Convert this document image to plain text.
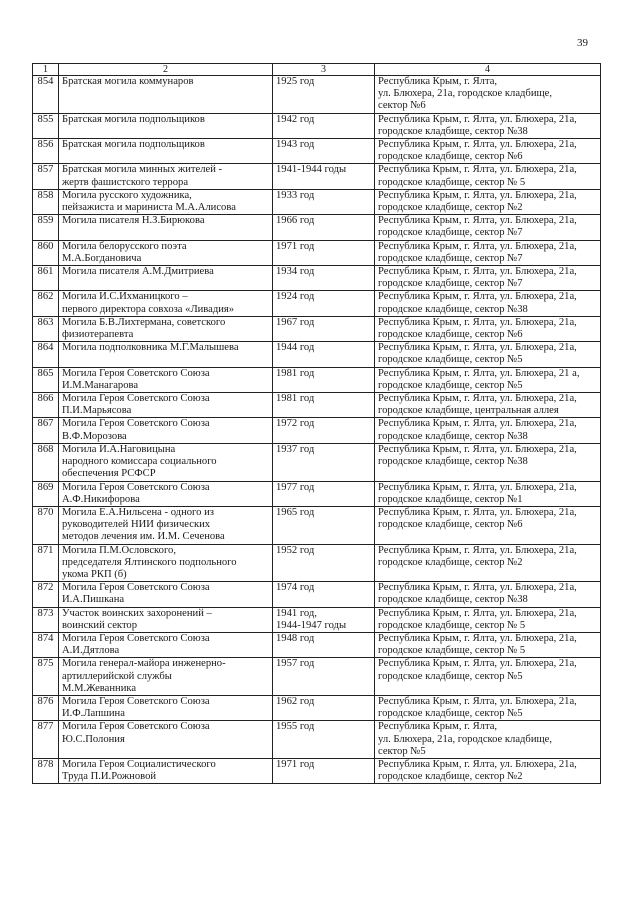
39
1	2	3	4
854	Братская могила коммунаров	1925 год	Республика Крым, г. Ялта,
ул. Блюхера, 21а, городское кладбище,
сектор №6
855	Братская могила подпольщиков	1942 год	Республика Крым, г. Ялта, ул. Блюхера, 21а,
городское кладбище, сектор №38
856	Братская могила подпольщиков	1943 год	Республика Крым, г. Ялта, ул. Блюхера, 21а,
городское кладбище, сектор №6
857	Братская могила минных жителей -
жертв фашистского террора	1941-1944 годы	Республика Крым, г. Ялта, ул. Блюхера, 21а,
городское кладбище, сектор № 5
858	Могила русского художника,
пейзажиста и маринистa М.А.Алисова	1933 год	Республика Крым, г. Ялта, ул. Блюхера, 21а,
городское кладбище, сектор №2
859	Могила писателя Н.З.Бирюкова	1966 год	Республика Крым, г. Ялта, ул. Блюхера, 21а,
городское кладбище, сектор №7
860	Могила белорусского поэта
М.А.Богдановича	1971 год	Республика Крым, г. Ялта, ул. Блюхера, 21а,
городское кладбище, сектор №7
861	Могила писателя А.М.Дмитриева	1934 год	Республика Крым, г. Ялта, ул. Блюхера, 21а,
городское кладбище, сектор №7
862	Могила И.С.Ихманицкого –
первого директора совхоза «Ливадия»	1924 год	Республика Крым, г. Ялта, ул. Блюхера, 21а,
городское кладбище, сектор №38
863	Могила Б.В.Лихтермана, советского
физиотерапевта	1967 год	Республика Крым, г. Ялта, ул. Блюхера, 21а,
городское кладбище, сектор №6
864	Могила подполковника М.Г.Малышева	1944 год	Республика Крым, г. Ялта, ул. Блюхера, 21а,
городское кладбище, сектор №5
865	Могила Героя Советского Союза
И.М.Манагарова	1981 год	Республика Крым, г. Ялта, ул. Блюхера, 21 а,
городское кладбище, сектор №5
866	Могила Героя Советского Союза
П.И.Марьясова	1981 год	Республика Крым, г. Ялта, ул. Блюхера, 21а,
городское кладбище, центральная аллея
867	Могила Героя Советского Союза
В.Ф.Морозова	1972 год	Республика Крым, г. Ялта, ул. Блюхера, 21а,
городское кладбище, сектор №38
868	Могила И.А.Наговицына
народного комиссара социального
обеспечения РСФСР	1937 год	Республика Крым, г. Ялта, ул. Блюхера, 21а,
городское кладбище, сектор №38
869	Могила Героя Советского Союза
А.Ф.Никифорова	1977 год	Республика Крым, г. Ялта, ул. Блюхера, 21а,
городское кладбище, сектор №1
870	Могила Е.А.Нильсена - одного из
руководителей НИИ физических
методов лечения им. И.М. Сеченова	1965 год	Республика Крым, г. Ялта, ул. Блюхера, 21а,
городское кладбище, сектор №6
871	Могила П.М.Ословского,
председателя Ялтинского подпольного
укома РКП (б)	1952 год	Республика Крым, г. Ялта, ул. Блюхера, 21а,
городское кладбище, сектор №2
872	Могила Героя Советского Союза
И.А.Пишкана	1974 год	Республика Крым, г. Ялта, ул. Блюхера, 21а,
городское кладбище, сектор №38
873	Участок воинских захоронений –
воинский сектор	1941 год,
1944-1947 годы	Республика Крым, г. Ялта, ул. Блюхера, 21а,
городское кладбище, сектор № 5
874	Могила Героя Советского Союза
А.И.Дятлова	1948 год	Республика Крым, г. Ялта, ул. Блюхера, 21а,
городское кладбище, сектор № 5
875	Могила генерал-майора инженерно-
артиллерийской службы
М.М.Жеванника	1957 год	Республика Крым, г. Ялта, ул. Блюхера, 21а,
городское кладбище, сектор №5
876	Могила Героя Советского Союза
И.Ф.Лапшина	1962 год	Республика Крым, г. Ялта, ул. Блюхера, 21а,
городское кладбище, сектор №5
877	Могила Героя Советского Союза
Ю.С.Полония	1955 год	Республика Крым, г. Ялта,
ул. Блюхера, 21а, городское кладбище,
сектор №5
878	Могила Героя Социалистического
Труда П.И.Рожновой	1971 год	Республика Крым, г. Ялта, ул. Блюхера, 21а,
городское кладбище, сектор №2
